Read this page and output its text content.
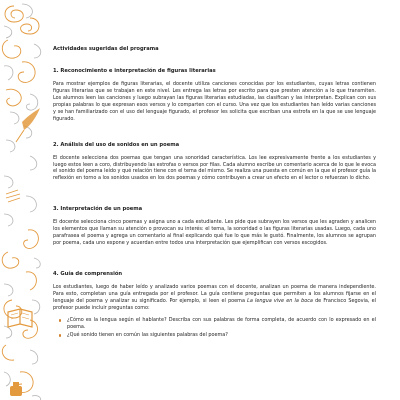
Actividades sugeridas del programa
1. Reconocimiento e interpretación de figuras literarias

Para mostrar ejemplos de figuras literarias, el docente utiliza canciones conocidas por los estudiantes, cuyas letras contienen figuras literarias que se trabajan en este nivel. Les entrega las letras por escrito para que presten atención a lo que transmiten. Los alumnos leen las canciones y luego subrayan las figuras literarias estudiadas, las clasifican y las interpretan. Explican con sus propias palabras lo que expresan esos versos y lo comparten con el curso. Una vez que los estudiantes han leído varias canciones y se han familiarizado con el uso del lenguaje figurado, el profesor les solicita que escriban una estrofa en la que se use lenguaje figurado.

2. Análisis del uso de sonidos en un poema

El docente selecciona dos poemas que tengan una sonoridad característica. Los lee expresivamente frente a los estudiantes y luego estos leen a coro, distribuyendo las estrofas o versos por filas. Cada alumno escribe un comentario acerca de lo que le evoca el sonido del poema leído y qué relación tiene con el tema del mismo. Se realiza una puesta en común en la que el profesor guía la reflexión en torno a los sonidos usados en los dos poemas y cómo contribuyen a crear un efecto en el lector o refuerzan lo dicho.

3. Interpretación de un poema

El docente selecciona cinco poemas y asigna uno a cada estudiante. Les pide que subrayen los versos que les agraden y analicen los elementos que llaman su atención o provocan su interés: el tema, la sonoridad o las figuras literarias usadas. Luego, cada uno parafrasea el poema y agrega un comentario al final explicando qué fue lo que más le gustó. Finalmente, los alumnos se agrupan por poema, cada uno expone y acuerdan entre todos una interpretación que ejemplifican con versos escogidos.

4. Guía de comprensión

Los estudiantes, luego de haber leído y analizado varios poemas con el docente, analizan un poema de manera independiente. Para esto, completan una guía entregada por el profesor. La guía contiene preguntas que permiten a los alumnos fijarse en el lenguaje del poema y analizar su significado. Por ejemplo, si leen el poema La lengua vive en la boca de Francisco Segovia, el profesor puede incluir preguntas como:

¿Cómo es la lengua según el hablante? Describa con sus palabras de forma completa, de acuerdo con lo expresado en el poema.
¿Qué sonido tienen en común las siguientes palabras del poema?
